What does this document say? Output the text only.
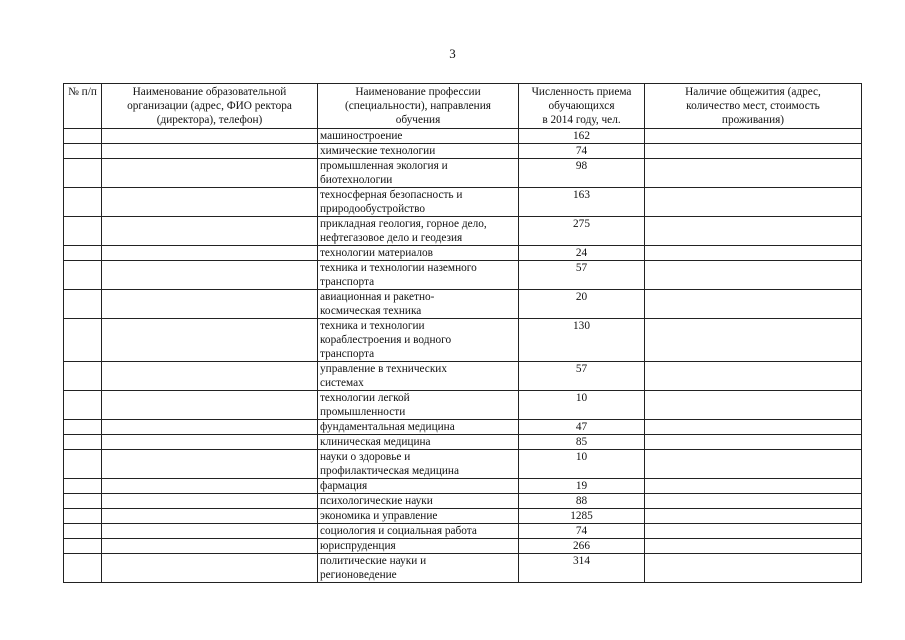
3
№ п/п	Наименование образовательной
организации (адрес, ФИО ректора
(директора), телефон)	Наименование профессии
(специальности), направления
обучения	Численность приема
обучающихся
в 2014 году, чел.	Наличие общежития (адрес,
количество мест, стоимость
проживания)

		машиностроение	162	

		химические технологии	74	

		промышленная экология и
биотехнологии	98	

		техносферная безопасность и
природообустройство	163	

		прикладная геология, горное дело,
нефтегазовое дело и геодезия	275	

		технологии материалов	24	

		техника и технологии наземного
транспорта	57	

		авиационная и ракетно-
космическая техника	20	

		техника и технологии
кораблестроения и водного
транспорта	130	

		управление в технических
системах	57	

		технологии легкой
промышленности	10	

		фундаментальная медицина	47	

		клиническая медицина	85	

		науки о здоровье и
профилактическая медицина	10	

		фармация	19	

		психологические науки	88	

		экономика и управление	1285	

		социология и социальная работа	74	

		юриспруденция	266	

		политические науки и
регионоведение	314	
